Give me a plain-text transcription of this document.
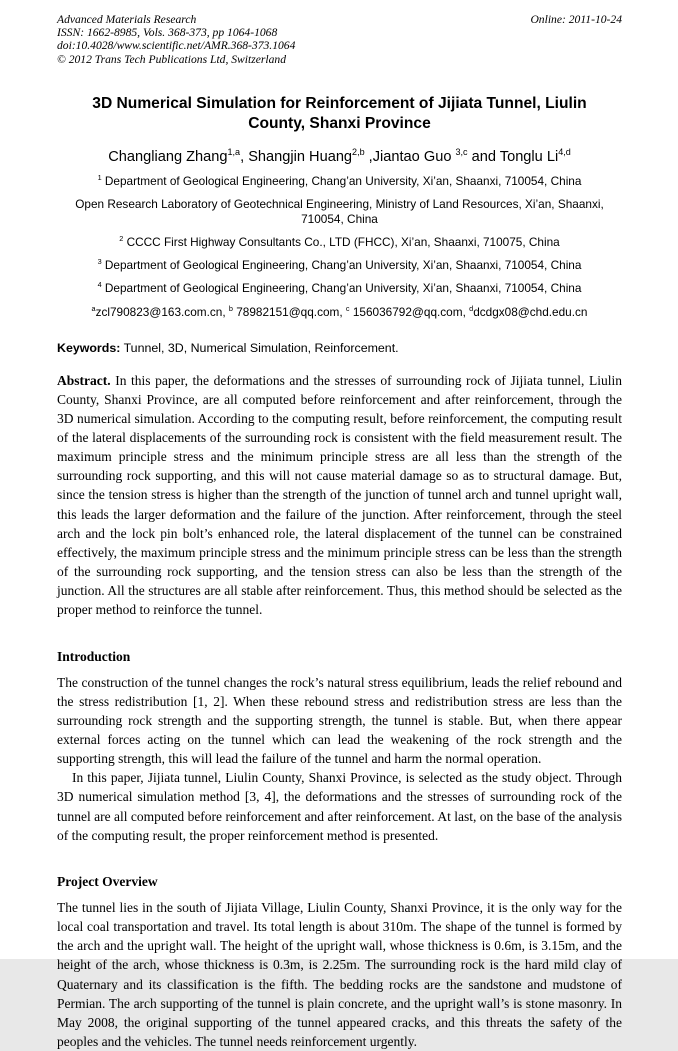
Advanced Materials Research
ISSN: 1662-8985, Vols. 368-373, pp 1064-1068
doi:10.4028/www.scientific.net/AMR.368-373.1064
© 2012 Trans Tech Publications Ltd, Switzerland
Online: 2011-10-24
3D Numerical Simulation for Reinforcement of Jijiata Tunnel, Liulin County, Shanxi Province
Changliang Zhang$^{1,a}$, Shangjin Huang$^{2,b}$ ,Jiantao Guo $^{3,c}$ and Tonglu Li$^{4,d}$
$^1$ Department of Geological Engineering, Chang’an University, Xi’an, Shaanxi, 710054, China
Open Research Laboratory of Geotechnical Engineering, Ministry of Land Resources, Xi’an, Shaanxi, 710054, China
$^2$ CCCC First Highway Consultants Co., LTD (FHCC), Xi’an, Shaanxi, 710075, China
$^3$ Department of Geological Engineering, Chang’an University, Xi’an, Shaanxi, 710054, China
$^4$ Department of Geological Engineering, Chang’an University, Xi’an, Shaanxi, 710054, China
$^a$zcl790823@163.com.cn, $^b$ 78982151@qq.com, $^c$ 156036792@qq.com, $^d$dcdgx08@chd.edu.cn
Keywords: Tunnel, 3D, Numerical Simulation, Reinforcement.
Abstract. In this paper, the deformations and the stresses of surrounding rock of Jijiata tunnel, Liulin County, Shanxi Province, are all computed before reinforcement and after reinforcement, through the 3D numerical simulation. According to the computing result, before reinforcement, the computing result of the lateral displacements of the surrounding rock is consistent with the field measurement result. The maximum principle stress and the minimum principle stress are all less than the strength of the surrounding rock supporting, and this will not cause material damage so as to structural damage. But, since the tension stress is higher than the strength of the junction of tunnel arch and tunnel upright wall, this leads the larger deformation and the failure of the junction. After reinforcement, through the steel arch and the lock pin bolt’s enhanced role, the lateral displacement of the tunnel can be constrained effectively, the maximum principle stress and the minimum principle stress can be less than the strength of the surrounding rock supporting, and the tension stress can also be less than the strength of the junction. All the structures are all stable after reinforcement. Thus, this method should be selected as the proper method to reinforce the tunnel.
Introduction

The construction of the tunnel changes the rock’s natural stress equilibrium, leads the relief rebound and the stress redistribution [1, 2]. When these rebound stress and redistribution stress are less than the surrounding rock strength and the supporting strength, the tunnel is stable. But, when there appear external forces acting on the tunnel which can lead the weakening of the rock strength and the supporting strength, this will lead the failure of the tunnel and harm the normal operation.

In this paper, Jijiata tunnel, Liulin County, Shanxi Province, is selected as the study object. Through 3D numerical simulation method [3, 4], the deformations and the stresses of surrounding rock of the tunnel are all computed before reinforcement and after reinforcement. At last, on the base of the analysis of the computing result, the proper reinforcement method is presented.

Project Overview

The tunnel lies in the south of Jijiata Village, Liulin County, Shanxi Province, it is the only way for the local coal transportation and travel. Its total length is about 310m. The shape of the tunnel is formed by the arch and the upright wall. The height of the upright wall, whose thickness is 0.6m, is 3.15m, and the height of the arch, whose thickness is 0.3m, is 2.25m. The surrounding rock is the hard mild clay of Quaternary and its classification is the fifth. The bedding rocks are the sandstone and mudstone of Permian. The arch supporting of the tunnel is plain concrete, and the upright wall’s is stone masonry. In May 2008, the original supporting of the tunnel appeared cracks, and this threats the safety of the peoples and the vehicles. The tunnel needs reinforcement urgently.
